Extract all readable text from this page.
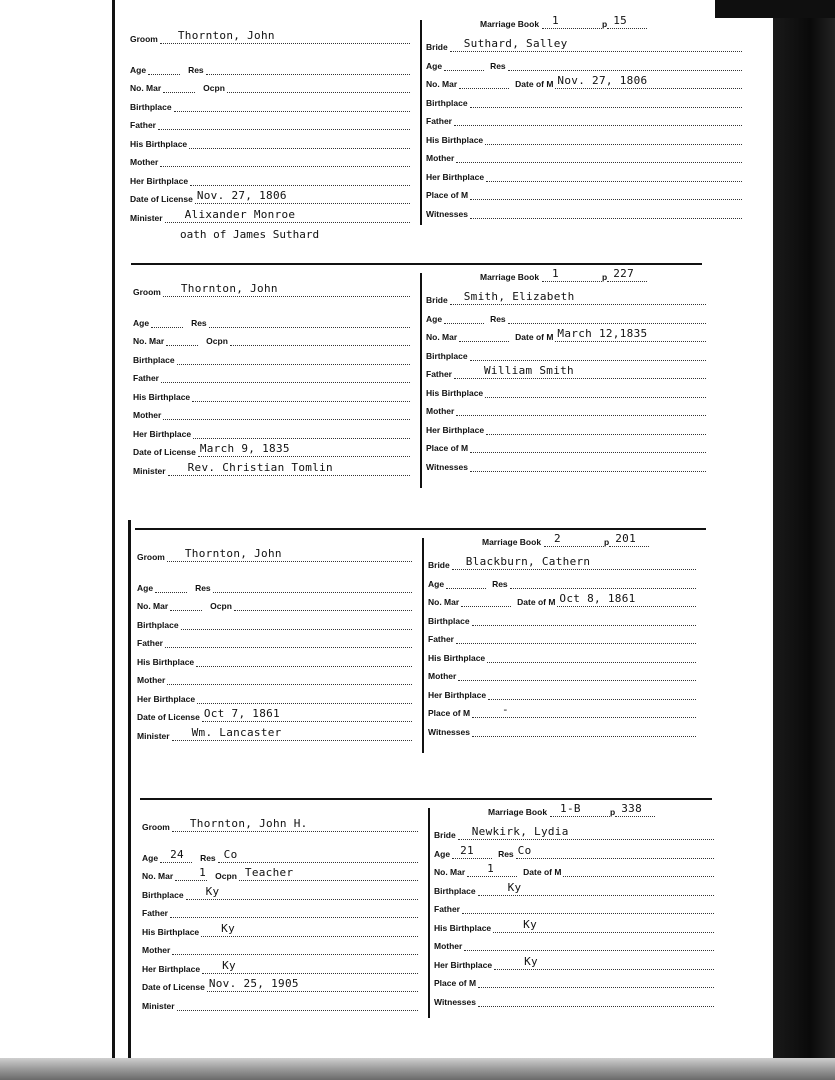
Marriage Book 1	p 15
Groom Thornton, John
Age	Res
No. Mar	Ocpn
Birthplace
Father
His Birthplace
Mother
Her Birthplace
Date of License Nov. 27, 1806
Minister Alixander Monroe
Bride Suthard, Salley
Age	Res
No. Mar	Date of M Nov. 27, 1806
Birthplace
Father
His Birthplace
Mother
Her Birthplace
Place of M
Witnesses
oath of James Suthard
Marriage Book 1	p 227
Groom Thornton, John
Age	Res
No. Mar	Ocpn
Birthplace
Father
His Birthplace
Mother
Her Birthplace
Date of License March 9, 1835
Minister Rev. Christian Tomlin
Bride Smith, Elizabeth
Age	Res
No. Mar	Date of M March 12,1835
Birthplace
Father	William Smith
His Birthplace
Mother
Her Birthplace
Place of M
Witnesses
Marriage Book 2	p 201
Groom Thornton, John
Age	Res
No. Mar	Ocpn
Birthplace
Father
His Birthplace
Mother
Her Birthplace
Date of License Oct 7, 1861
Minister Wm. Lancaster
Bride Blackburn, Cathern
Age	Res
No. Mar	Date of M Oct 8, 1861
Birthplace
Father
His Birthplace
Mother
Her Birthplace
Place of M	-
Witnesses
Marriage Book 1-B	p 338
Groom Thornton, John H.
Age 24 Res Co
No. Mar 1 Ocpn Teacher
Birthplace Ky
Father
His Birthplace Ky
Mother
Her Birthplace Ky
Date of License Nov. 25, 1905
Minister
Bride Newkirk, Lydia
Age 21	Res Co
No. Mar 1	Date of M
Birthplace	Ky
Father
His Birthplace	Ky
Mother
Her Birthplace	Ky
Place of M
Witnesses
